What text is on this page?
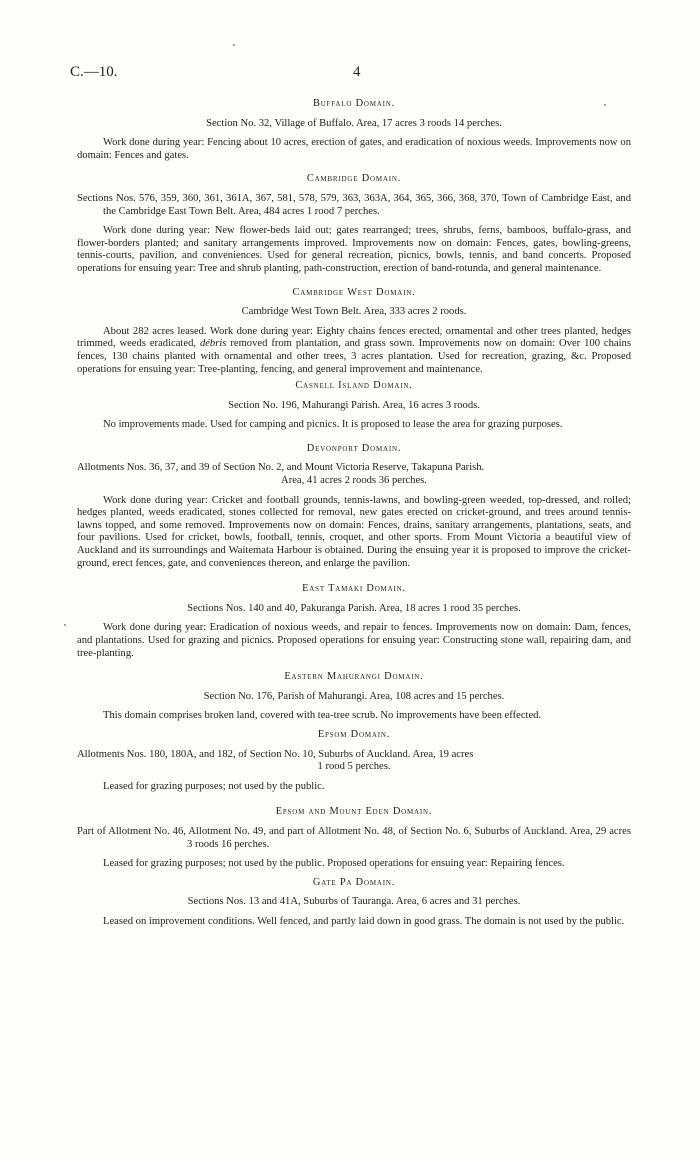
C.—10.	4
Buffalo Domain.
Section No. 32, Village of Buffalo. Area, 17 acres 3 roods 14 perches.

Work done during year: Fencing about 10 acres, erection of gates, and eradication of noxious weeds. Improvements now on domain: Fences and gates.

Cambridge Domain.
Sections Nos. 576, 359, 360, 361, 361A, 367, 581, 578, 579, 363, 363A, 364, 365, 366, 368, 370, Town of Cambridge East, and the Cambridge East Town Belt. Area, 484 acres 1 rood 7 perches.

Work done during year: New flower-beds laid out; gates rearranged; trees, shrubs, ferns, bamboos, buffalo-grass, and flower-borders planted; and sanitary arrangements improved. Improvements now on domain: Fences, gates, bowling-greens, tennis-courts, pavilion, and conveniences. Used for general recreation, picnics, bowls, tennis, and band concerts. Proposed operations for ensuing year: Tree and shrub planting, path-construction, erection of band-rotunda, and general maintenance.

Cambridge West Domain.
Cambridge West Town Belt. Area, 333 acres 2 roods.

About 282 acres leased. Work done during year: Eighty chains fences erected, ornamental and other trees planted, hedges trimmed, weeds eradicated, débris removed from plantation, and grass sown. Improvements now on domain: Over 100 chains fences, 130 chains planted with ornamental and other trees, 3 acres plantation. Used for recreation, grazing, &c. Proposed operations for ensuing year: Tree-planting, fencing, and general improvement and maintenance.

Casnell Island Domain.
Section No. 196, Mahurangi Parish. Area, 16 acres 3 roods.

No improvements made. Used for camping and picnics. It is proposed to lease the area for grazing purposes.

Devonport Domain.
Allotments Nos. 36, 37, and 39 of Section No. 2, and Mount Victoria Reserve, Takapuna Parish.
Area, 41 acres 2 roods 36 perches.

Work done during year: Cricket and football grounds, tennis-lawns, and bowling-green weeded, top-dressed, and rolled; hedges planted, weeds eradicated, stones collected for removal, new gates erected on cricket-ground, and trees around tennis-lawns topped, and some removed. Improvements now on domain: Fences, drains, sanitary arrangements, plantations, seats, and four pavilions. Used for cricket, bowls, football, tennis, croquet, and other sports. From Mount Victoria a beautiful view of Auckland and its surroundings and Waitemata Harbour is obtained. During the ensuing year it is proposed to improve the cricket-ground, erect fences, gate, and conveniences thereon, and enlarge the pavilion.

East Tamaki Domain.
Sections Nos. 140 and 40, Pakuranga Parish. Area, 18 acres 1 rood 35 perches.

Work done during year: Eradication of noxious weeds, and repair to fences. Improvements now on domain: Dam, fences, and plantations. Used for grazing and picnics. Proposed operations for ensuing year: Constructing stone wall, repairing dam, and tree-planting.

Eastern Mahurangi Domain.
Section No. 176, Parish of Mahurangi. Area, 108 acres and 15 perches.

This domain comprises broken land, covered with tea-tree scrub. No improvements have been effected.

Epsom Domain.
Allotments Nos. 180, 180A, and 182, of Section No. 10, Suburbs of Auckland. Area, 19 acres
1 rood 5 perches.

Leased for grazing purposes; not used by the public.

Epsom and Mount Eden Domain.
Part of Allotment No. 46, Allotment No. 49, and part of Allotment No. 48, of Section No. 6, Suburbs of Auckland. Area, 29 acres 3 roods 16 perches.

Leased for grazing purposes; not used by the public. Proposed operations for ensuing year: Repairing fences.

Gate Pa Domain.
Sections Nos. 13 and 41A, Suburbs of Tauranga. Area, 6 acres and 31 perches.

Leased on improvement conditions. Well fenced, and partly laid down in good grass. The domain is not used by the public.
